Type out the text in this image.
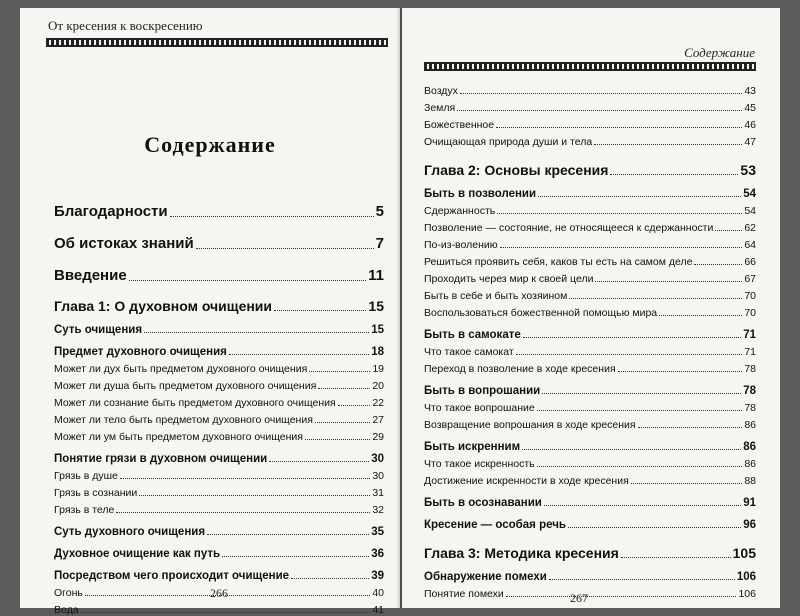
От кресения к воскресению
Содержание
Благодарности	5
Об истоках знаний	7
Введение	11
Глава 1: О духовном очищении	15
Суть очищения	15
Предмет духовного очищения	18
Может ли дух быть предметом духовного очищения	19
Может ли душа быть предметом духовного очищения	20
Может ли сознание быть предметом духовного очищения	22
Может ли тело быть предметом духовного очищения	27
Может ли ум быть предметом духовного очищения	29
Понятие грязи в духовном очищении	30
Грязь в душе	30
Грязь в сознании	31
Грязь в теле	32
Суть духовного очищения	35
Духовное очищение как путь	36
Посредством чего происходит очищение	39
Огонь	40
Вода	41
266
Содержание
Воздух	43
Земля	45
Божественное	46
Очищающая природа души и тела	47
Глава 2: Основы кресения	53
Быть в позволении	54
Сдержанность	54
Позволение — состояние, не относящееся к сдержанности	62
По-из-волению	64
Решиться проявить себя, каков ты есть на самом деле	66
Проходить через мир к своей цели	67
Быть в себе и быть хозяином	70
Воспользоваться божественной помощью мира	70
Быть в самокате	71
Что такое самокат	71
Переход в позволение в ходе кресения	78
Быть в вопрошании	78
Что такое вопрошание	78
Возвращение вопрошания в ходе кресения	86
Быть искренним	86
Что такое искренность	86
Достижение искренности в ходе кресения	88
Быть в осознавании	91
Кресение — особая речь	96
Глава 3: Методика кресения	105
Обнаружение помехи	106
Понятие помехи	106
267
